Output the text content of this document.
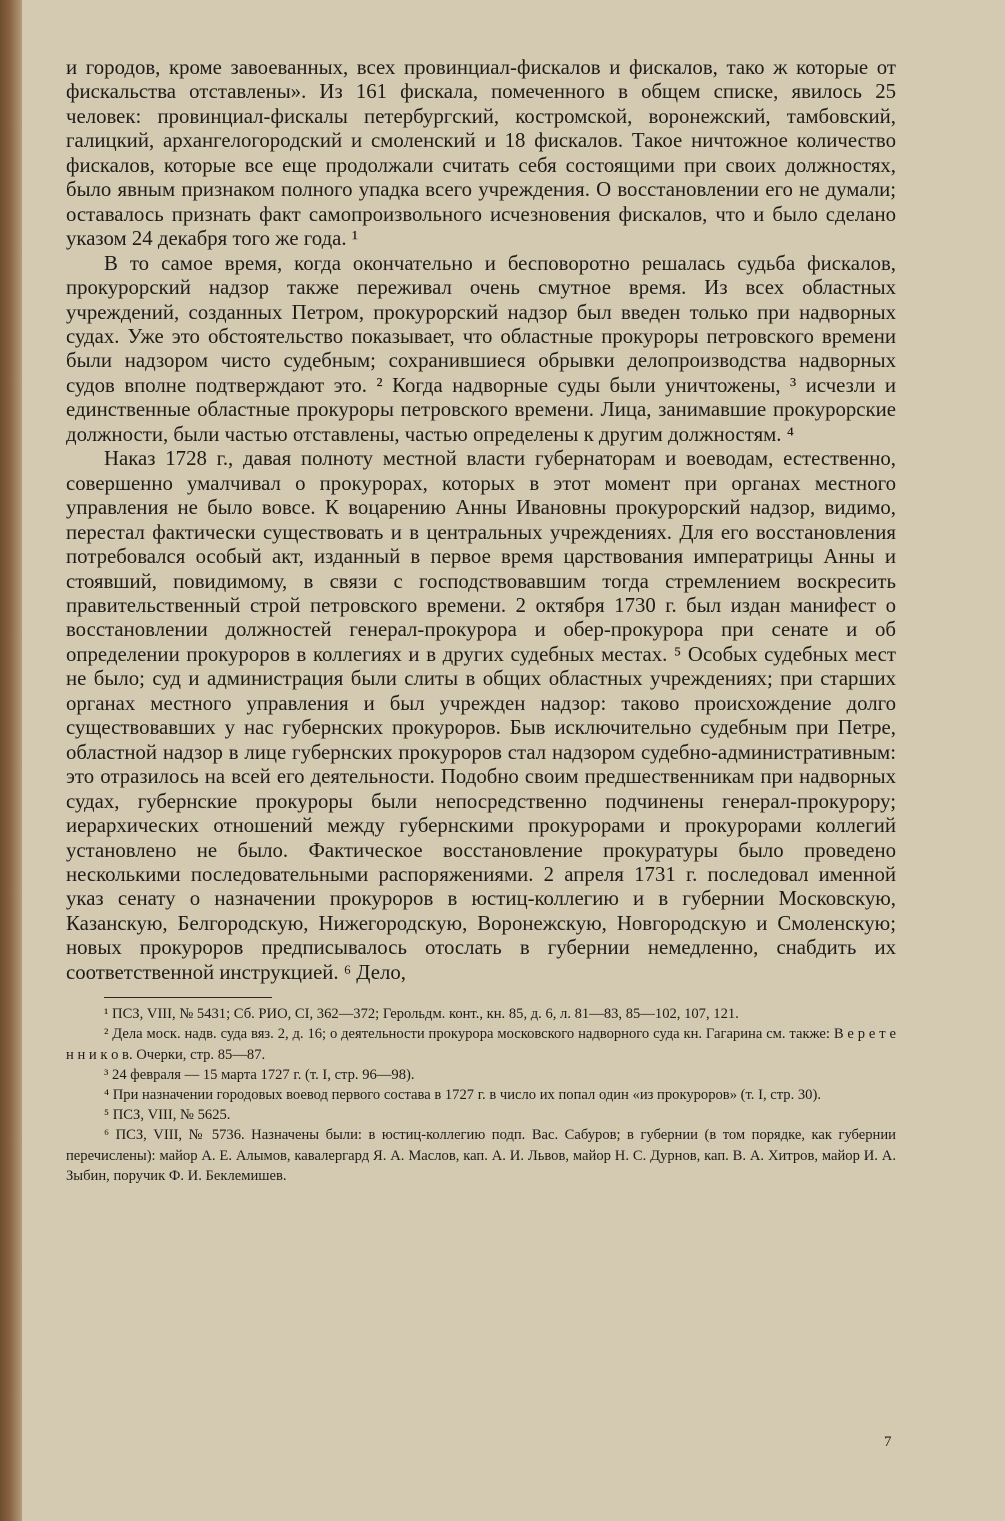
и городов, кроме завоеванных, всех провинциал-фискалов и фискалов, тако ж которые от фискальства отставлены». Из 161 фискала, помеченного в общем списке, явилось 25 человек: провинциал-фискалы петербургский, костромской, воронежский, тамбовский, галицкий, архангелогородский и смоленский и 18 фискалов. Такое ничтожное количество фискалов, которые все еще продолжали считать себя состоящими при своих должностях, было явным признаком полного упадка всего учреждения. О восстановлении его не думали; оставалось признать факт самопроизвольного исчезновения фискалов, что и было сделано указом 24 декабря того же года. ¹

В то самое время, когда окончательно и бесповоротно решалась судьба фискалов, прокурорский надзор также переживал очень смутное время. Из всех областных учреждений, созданных Петром, прокурорский надзор был введен только при надворных судах. Уже это обстоятельство показывает, что областные прокуроры петровского времени были надзором чисто судебным; сохранившиеся обрывки делопроизводства надворных судов вполне подтверждают это. ² Когда надворные суды были уничтожены, ³ исчезли и единственные областные прокуроры петровского времени. Лица, занимавшие прокурорские должности, были частью отставлены, частью определены к другим должностям. ⁴

Наказ 1728 г., давая полноту местной власти губернаторам и воеводам, естественно, совершенно умалчивал о прокурорах, которых в этот момент при органах местного управления не было вовсе. К воцарению Анны Ивановны прокурорский надзор, видимо, перестал фактически существовать и в центральных учреждениях. Для его восстановления потребовался особый акт, изданный в первое время царствования императрицы Анны и стоявший, повидимому, в связи с господствовавшим тогда стремлением воскресить правительственный строй петровского времени. 2 октября 1730 г. был издан манифест о восстановлении должностей генерал-прокурора и обер-прокурора при сенате и об определении прокуроров в коллегиях и в других судебных местах. ⁵ Особых судебных мест не было; суд и администрация были слиты в общих областных учреждениях; при старших органах местного управления и был учрежден надзор: таково происхождение долго существовавших у нас губернских прокуроров. Быв исключительно судебным при Петре, областной надзор в лице губернских прокуроров стал надзором судебно-административным: это отразилось на всей его деятельности. Подобно своим предшественникам при надворных судах, губернские прокуроры были непосредственно подчинены генерал-прокурору; иерархических отношений между губернскими прокурорами и прокурорами коллегий установлено не было. Фактическое восстановление прокуратуры было проведено несколькими последовательными распоряжениями. 2 апреля 1731 г. последовал именной указ сенату о назначении прокуроров в юстиц-коллегию и в губернии Московскую, Казанскую, Белгородскую, Нижегородскую, Воронежскую, Новгородскую и Смоленскую; новых прокуроров предписывалось отослать в губернии немедленно, снабдить их соответственной инструкцией. ⁶ Дело,

¹ ПСЗ, VIII, № 5431; Сб. РИО, CI, 362—372; Герольдм. конт., кн. 85, д. 6, л. 81—83, 85—102, 107, 121.

² Дела моск. надв. суда вяз. 2, д. 16; о деятельности прокурора московского надворного суда кн. Гагарина см. также: В е р е т е н н и к о в. Очерки, стр. 85—87.

³ 24 февраля — 15 марта 1727 г. (т. I, стр. 96—98).

⁴ При назначении городовых воевод первого состава в 1727 г. в число их попал один «из прокуроров» (т. I, стр. 30).

⁵ ПСЗ, VIII, № 5625.

⁶ ПСЗ, VIII, № 5736. Назначены были: в юстиц-коллегию подп. Вас. Сабуров; в губернии (в том порядке, как губернии перечислены): майор А. Е. Алымов, кавалергард Я. А. Маслов, кап. А. И. Львов, майор Н. С. Дурнов, кап. В. А. Хитров, майор И. А. Зыбин, поручик Ф. И. Беклемишев.

7
